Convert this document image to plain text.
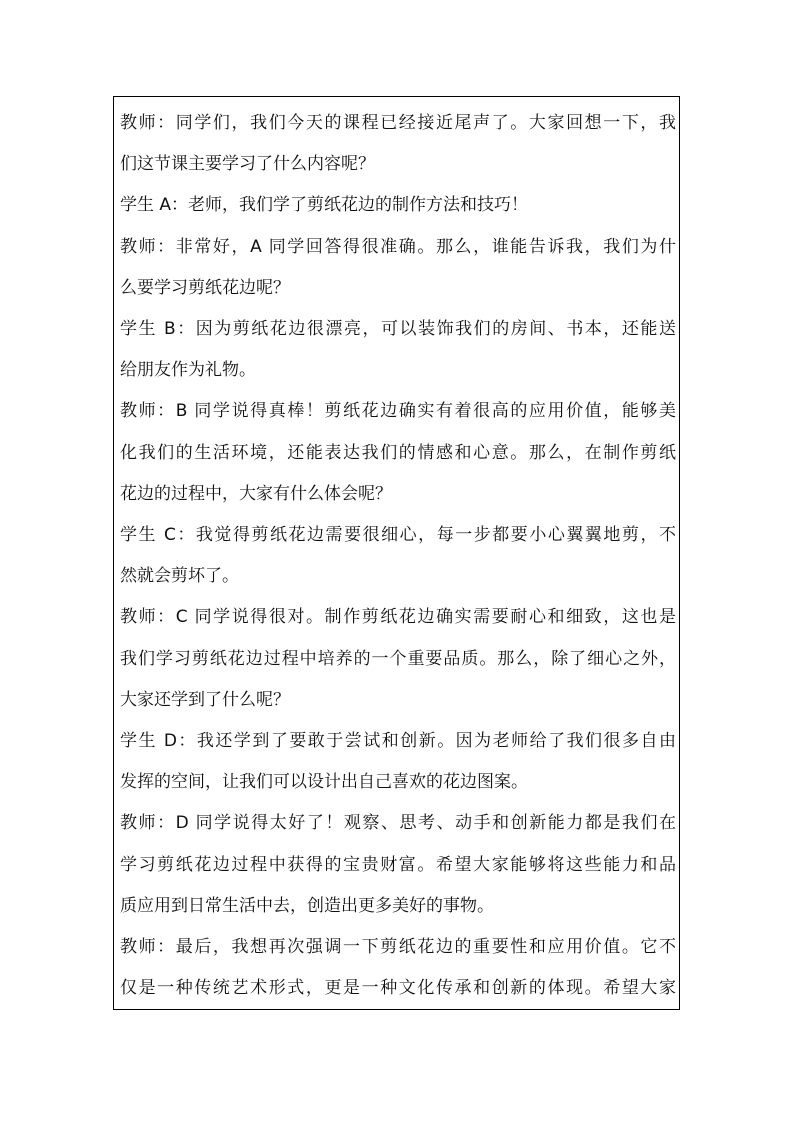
教师：同学们，我们今天的课程已经接近尾声了。大家回想一下，我
们这节课主要学习了什么内容呢？
学生 A：老师，我们学了剪纸花边的制作方法和技巧！
教师：非常好，A 同学回答得很准确。那么，谁能告诉我，我们为什
么要学习剪纸花边呢？
学生 B：因为剪纸花边很漂亮，可以装饰我们的房间、书本，还能送
给朋友作为礼物。
教师：B 同学说得真棒！剪纸花边确实有着很高的应用价值，能够美
化我们的生活环境，还能表达我们的情感和心意。那么，在制作剪纸
花边的过程中，大家有什么体会呢？
学生 C：我觉得剪纸花边需要很细心，每一步都要小心翼翼地剪，不
然就会剪坏了。
教师：C 同学说得很对。制作剪纸花边确实需要耐心和细致，这也是
我们学习剪纸花边过程中培养的一个重要品质。那么，除了细心之外，
大家还学到了什么呢？
学生 D：我还学到了要敢于尝试和创新。因为老师给了我们很多自由
发挥的空间，让我们可以设计出自己喜欢的花边图案。
教师：D 同学说得太好了！观察、思考、动手和创新能力都是我们在
学习剪纸花边过程中获得的宝贵财富。希望大家能够将这些能力和品
质应用到日常生活中去，创造出更多美好的事物。
教师：最后，我想再次强调一下剪纸花边的重要性和应用价值。它不
仅是一种传统艺术形式，更是一种文化传承和创新的体现。希望大家
